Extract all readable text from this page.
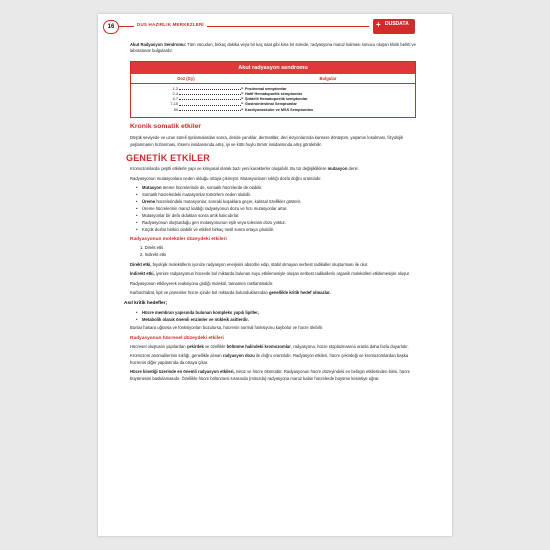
16	DUS HAZIRLIK MERKEZLERİ	+ DUSDATA

Akut Radyasyon Sendromu: Tüm vücudun, birkaç dakika veya bir kaç saat gibi kısa bir sürede, radyasyona maruz kalması sonucu oluşan klinik belirti ve laboratuvar bulgulardır.

Akut radyasyon sendromu
Doz (Gy)	Bulgular
1-2 ►	Prodromal semptomlar
2-4 ►	Hafif Hematopoetik semptomlar
4-7 ►	Şiddetli Hematopoetik semptomlar
7-15 ►	Gastrointestinal Semptomlar
50 ►	Kardiyovasküler ve MSS Semptomları
Kronik somatik etkiler

Düşük seviyede ve uzun süreli ışınlamalardan sonra, deride yanıklar, dermatitler, deri lezyonlarında kansere dönüşüm, yaşamın kısalması, fizyolojik yaşlanmanın hızlanması, lösemi insidansında artış, iyi ve kötü huylu tümör insidansında artış görülebilir.

GENETİK ETKİLER

Kromozomlarda çeşitli etkilerle yapı ve kimyasal olarak bazı yeni karakterler oluşabilir. Bu tür değişikliklere mutasyon denir.

Radyasyonun mutasyonlara neden olduğu ortaya çıkmıştır. Mutasyonların sıklığı dozla doğru orantılıdır.

• Mutasyon üreme hücrelerinde de, somatik hücrelerde de olabilir.
• Somatik hücrelerdeki mutasyonlar tümörlere neden olabilir.
• Üreme hücrelerindeki mutasyonlar, sonraki kuşaklara geçer, kalıtsal özellikler gösterir.
• Üreme hücrelerinin maruz kaldığı radyasyonun dozu ve hızı mutasyonlar artar.
• Mutasyonlar bir defa olduktan sonra artık kalıcıdırlar.
• Radyasyonun oluşturduğu gen mutasyonunun eşik veya tolerans dozu yoktur.
• Küçük dozlar birikici olabilir ve etkileri birkaç nesil sonra ortaya çıkabilir.
Radyasyonun moleküler düzeydeki etkileri
1. Direkt etki
2. İndirekt etki

Direkt etki, biyolojik moleküllerin iyonize radyasyon enerjisini absorbe edip, stabil olmayan serbest radikaller oluşturması ile olur.

İndirekt etki, iyonize radyasyonun hücrede bol miktarda bulunan suyu etkilemesiyle oluşan serbest radikallerin organik molekülleri etkilemesiyle oluşur.

Radyasyonun etkileyerek reaksiyona girdiği molekül, tamamen rastlantısaldır.

Karbonhidrat, lipit ve proteinler hücre içinde bol miktarda bulunduklarından genellikle kritik hedef olmazlar.

Asıl kritik hedefler;
• Hücre membran yapısında bulunan kompleks yapılı lipitler,
• Metabolik olarak önemli enzimler ve nükleik asitlerdir.

Bunlar hasara uğrarsa ve fonksiyonları bozulursa, hücrenin normal fonksiyonu kaybolur ve hücre ölebilir.

Radyasyonun hücresel düzeydeki etkileri

Hücresel oluşturan yapılardan çekirdek ve özellikle bölünme halindeki kromozomlar, radyasyona, hücre stoplazmasına oranla daha fazla duyarlıdır.

Kromozom anomalilerinin sıklığı, genellikle alınan radyasyon dozu ile doğru orantılıdır. Radyasyon etkileri, hücre çekirdeği ve kromozomlardan başka hücrenin diğer yapılarında da ortaya çıkar.

Hücre kinetiği üzerinde en önemli radyasyon etkileri, mitoz ve hücre ölümüdür. Radyasyonun hücre düzeyindeki en belirgin etkilerinden birisi, hücre büyümesini baskılamasıdır. Özellikle hücre bölünmesi sırasında (mitozda) radyasyona maruz kalan hücrelerde büyüme kesintiye uğrar.
